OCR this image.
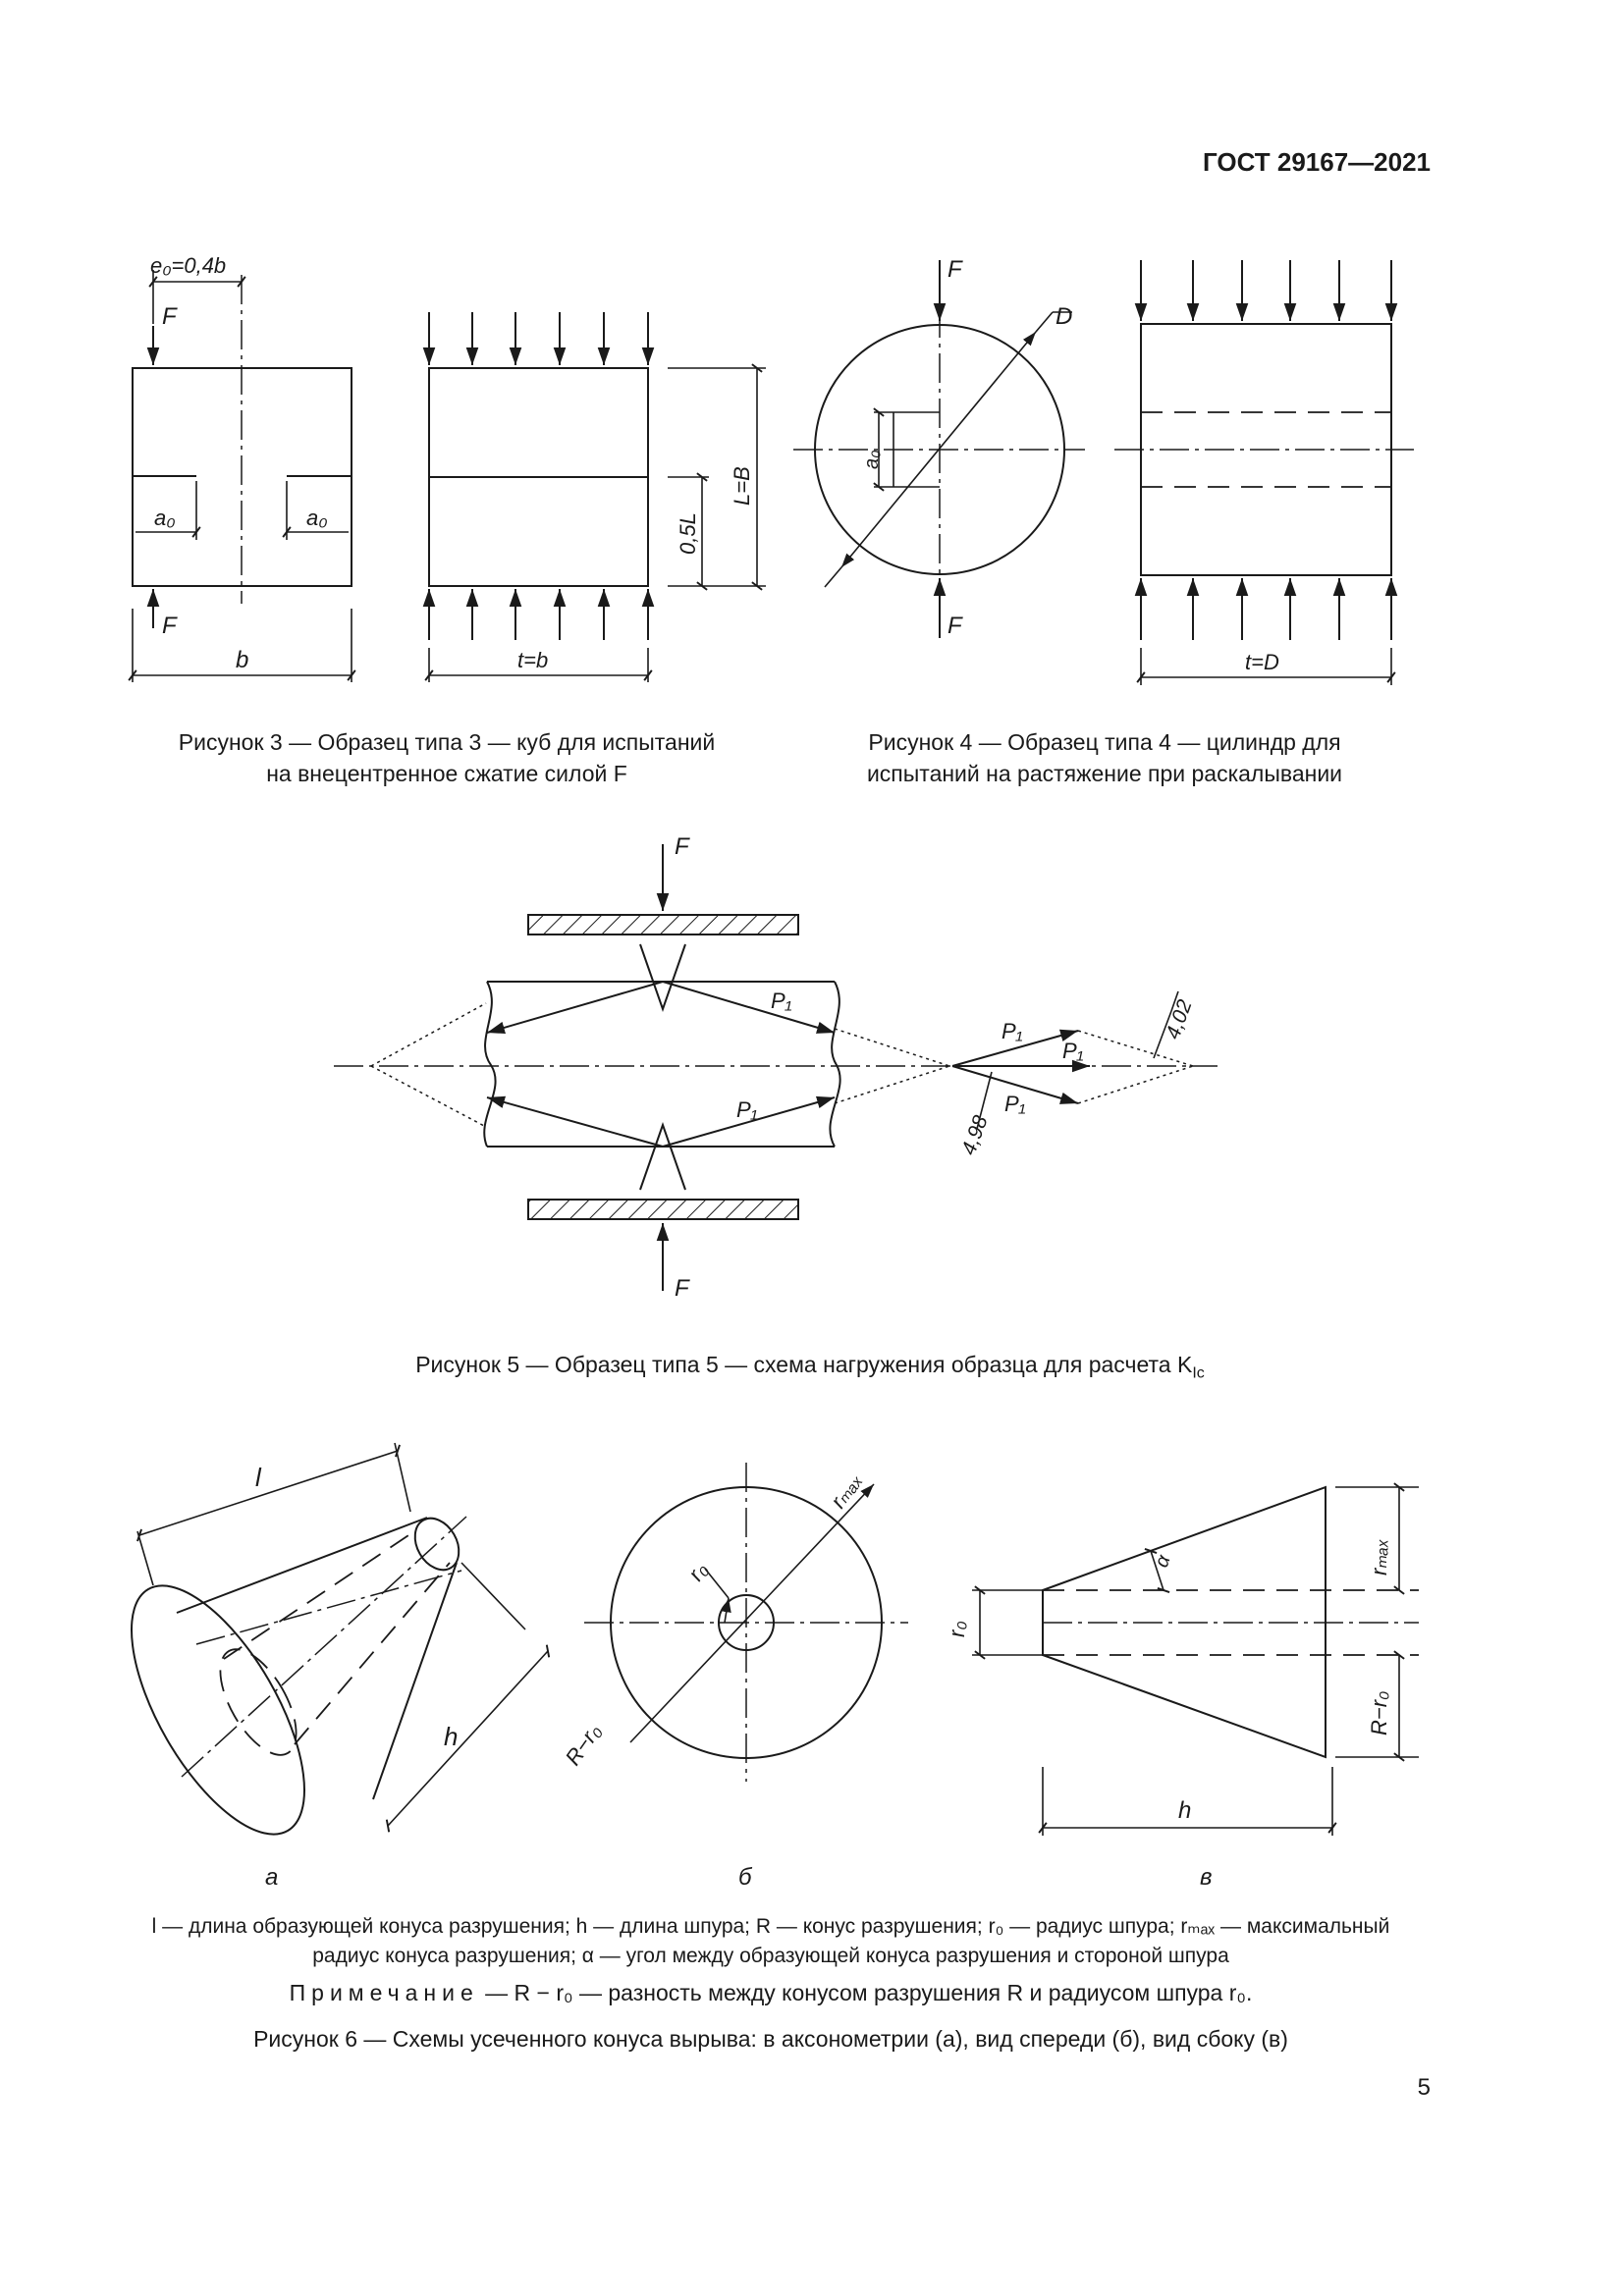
ГОСТ 29167—2021
e₀=0,4b
F
F
a₀	a₀
b	t=b
L=B
0,5L
F
F
D
a₀
t=D
F
F
P₁
P₁
P₁
P₁
P₁
4,02
4,98
l
h
а
R−r₀
r₀
rₘₐₓ
б
r₀
rₘₐₓ
R−r₀
α
h
в
Рисунок 3 — Образец типа 3 — куб для испытаний
на внецентренное сжатие силой F
Рисунок 4 — Образец типа 4 — цилиндр для
испытаний на растяжение при раскалывании
Рисунок 5 — Образец типа 5 — схема нагружения образца для расчета $K_{Ic}$
l — длина образующей конуса разрушения; h — длина шпура; R — конус разрушения; r₀ — радиус шпура; rₘₐₓ — максимальный
радиус конуса разрушения; α — угол между образующей конуса разрушения и стороной шпура
Примечание — R − r₀ — разность между конусом разрушения R и радиусом шпура r₀.
Рисунок 6 — Схемы усеченного конуса вырыва: в аксонометрии (а), вид спереди (б), вид сбоку (в)
5
